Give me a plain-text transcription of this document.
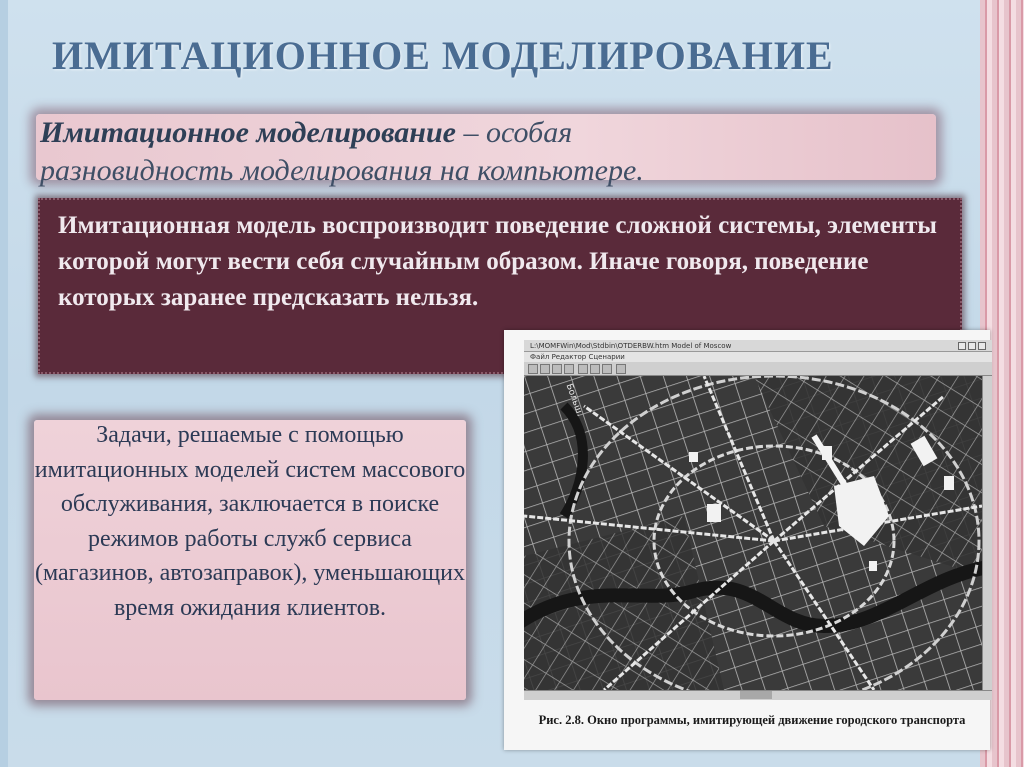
ИМИТАЦИОННОЕ МОДЕЛИРОВАНИЕ
Имитационное моделирование – особая
разновидность моделирования на компьютере.
Имитационная модель воспроизводит поведение сложной системы, элементы которой могут вести себя случайным образом. Иначе говоря, поведение которых заранее предсказать нельзя.
Задачи, решаемые с помощью имитационных моделей систем массового обслуживания, заключается в поиске режимов работы служб сервиса (магазинов, автозаправок), уменьшающих время ожидания клиентов.
L:\MOMFWin\Mod\Stdbin\OTDERBW.htm Model of Moscow
Файл Редактор Сценарии
Больш.
Рис. 2.8. Окно программы, имитирующей движение городского транспорта
